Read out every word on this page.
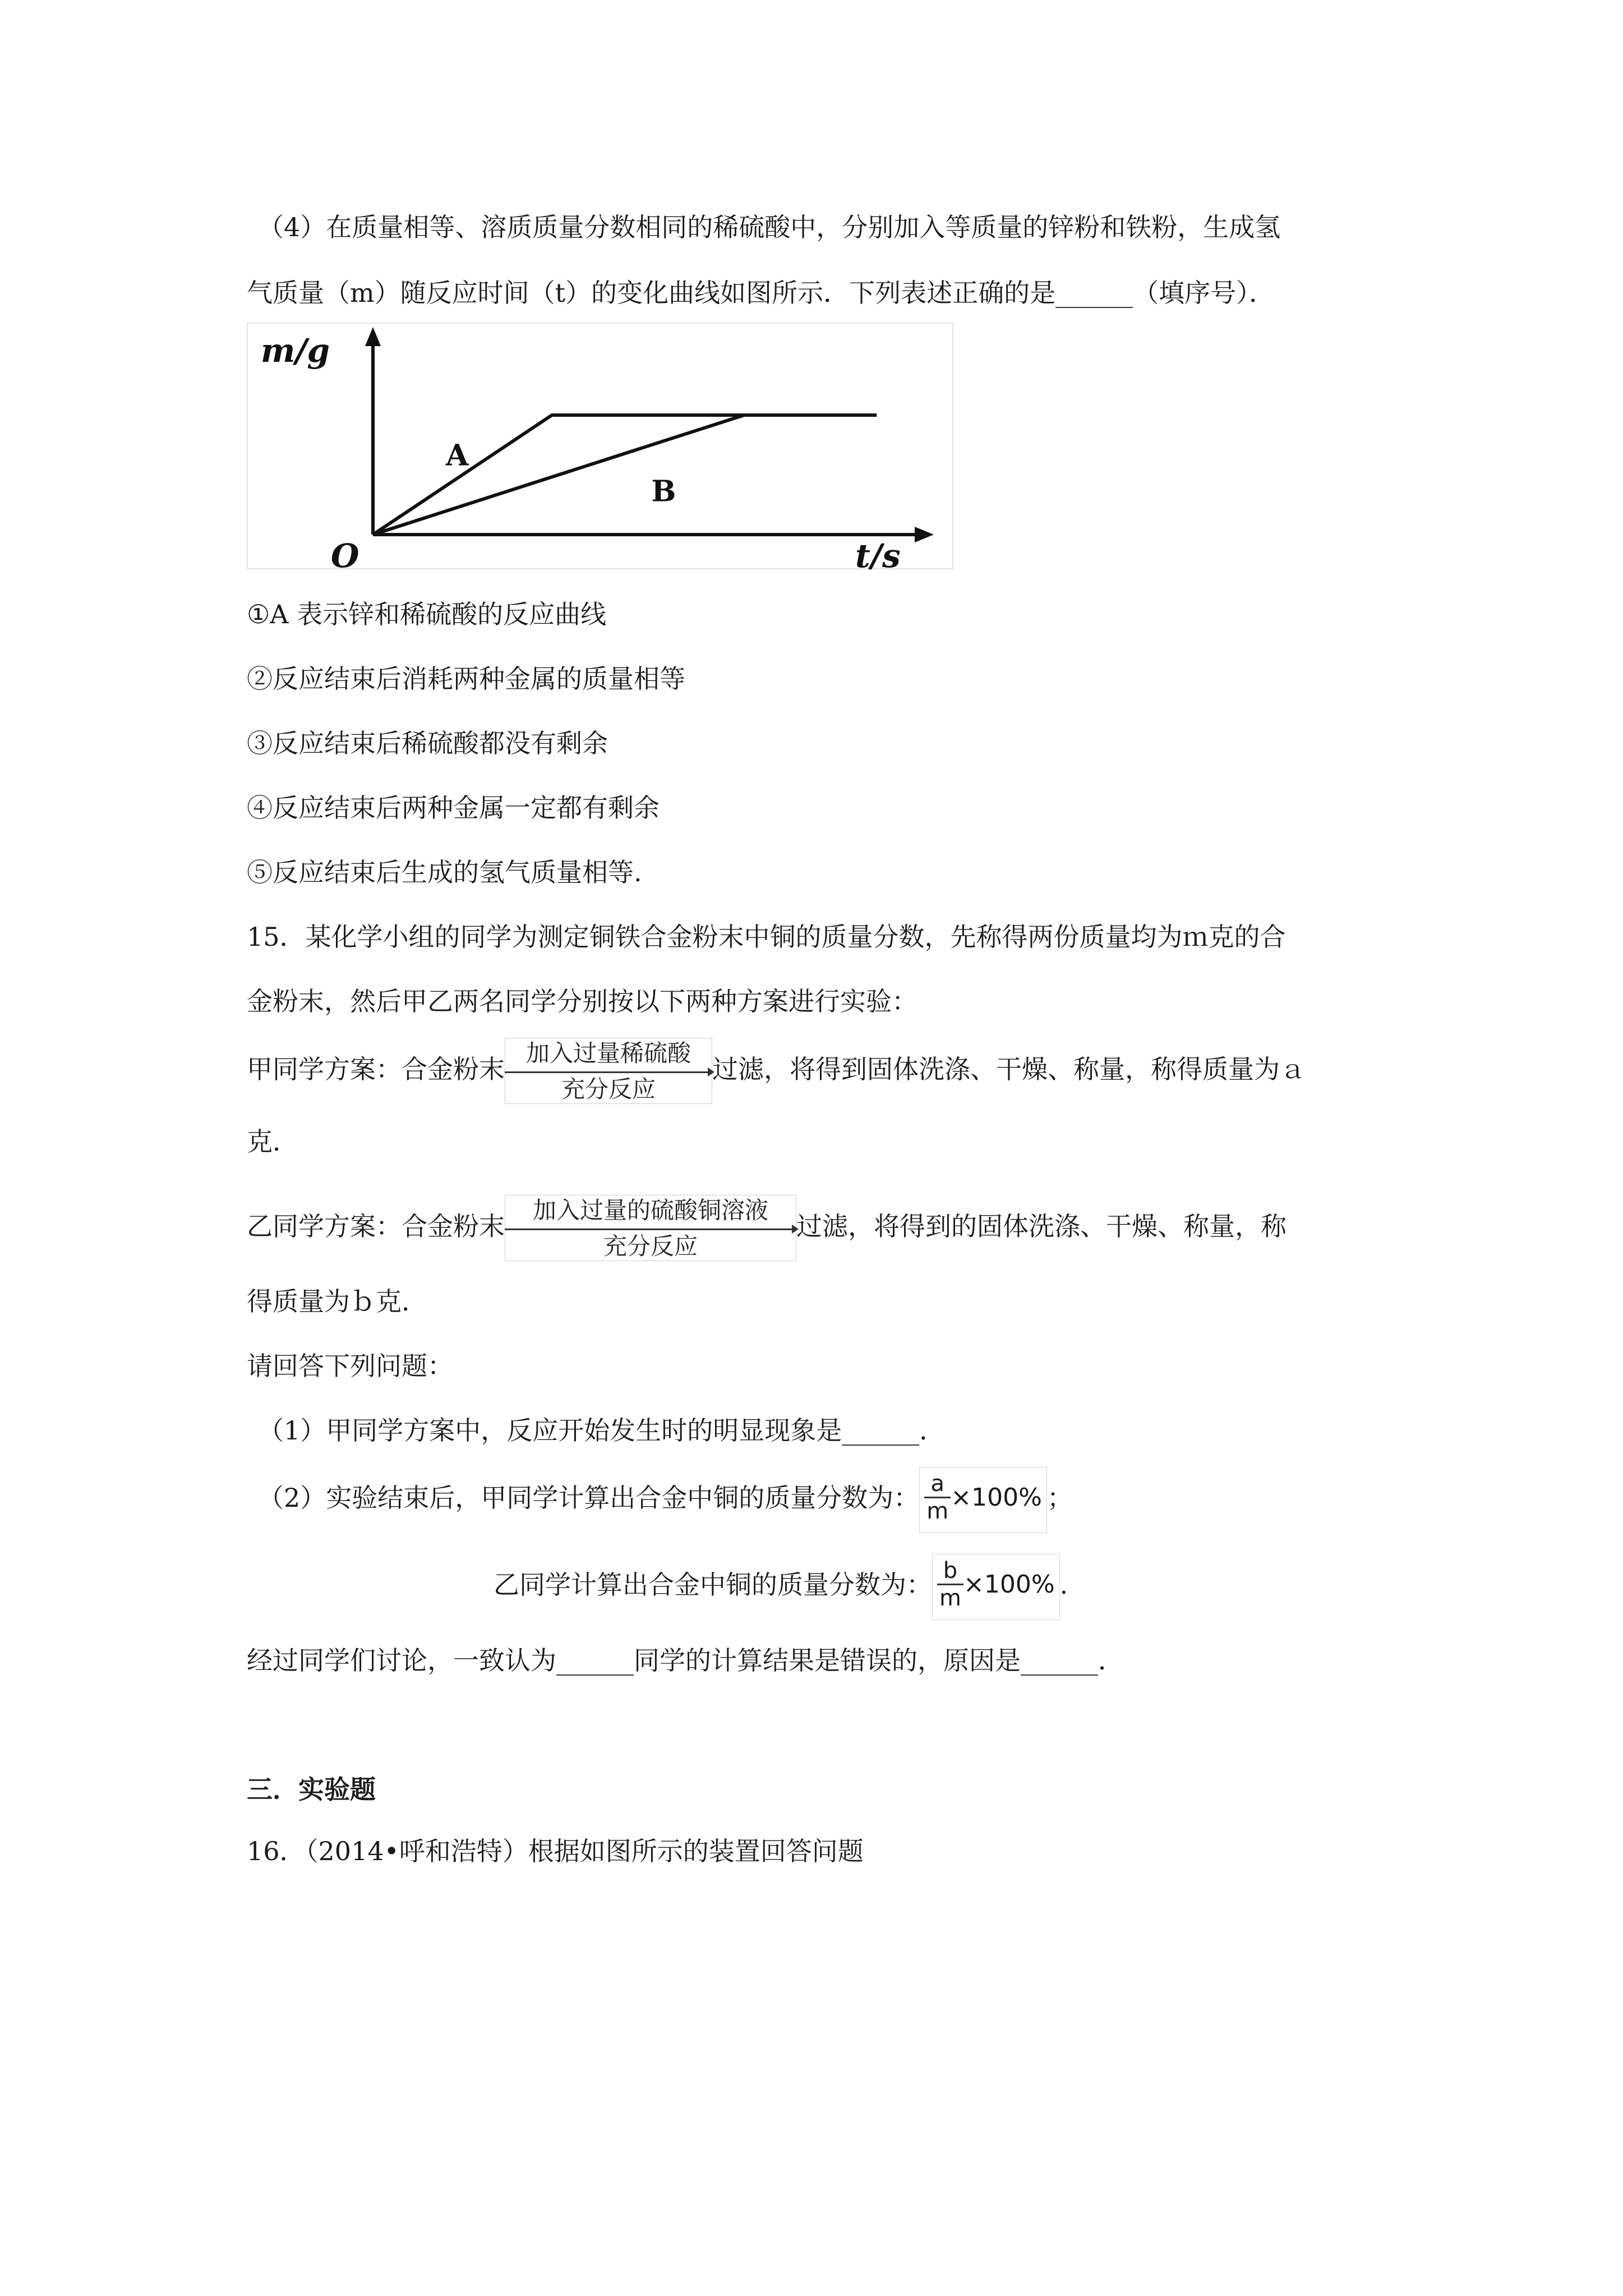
（4）在质量相等、溶质质量分数相同的稀硫酸中，分别加入等质量的锌粉和铁粉，生成氢
气质量（m）随反应时间（t）的变化曲线如图所示．下列表述正确的是______（填序号）．
A
B
m/g
t/s
O
①A 表示锌和稀硫酸的反应曲线
②反应结束后消耗两种金属的质量相等
③反应结束后稀硫酸都没有剩余
④反应结束后两种金属一定都有剩余
⑤反应结束后生成的氢气质量相等.
15．某化学小组的同学为测定铜铁合金粉末中铜的质量分数，先称得两份质量均为ｍ克的合
金粉末，然后甲乙两名同学分别按以下两种方案进行实验：
甲同学方案：合金粉末
加入过量稀硫酸
充分反应
过滤，将得到固体洗涤、干燥、称量，称得质量为ａ
克．
乙同学方案：合金粉末
加入过量的硫酸铜溶液
充分反应
过滤，将得到的固体洗涤、干燥、称量，称
得质量为ｂ克．
请回答下列问题：
（1）甲同学方案中，反应开始发生时的明显现象是______．
（2）实验结束后，甲同学计算出合金中铜的质量分数为： $\frac{a}{m} \times 100\%$ ；
乙同学计算出合金中铜的质量分数为： $\frac{b}{m} \times 100\%$ .
经过同学们讨论，一致认为______同学的计算结果是错误的，原因是______．
三．实验题
16．（2014•呼和浩特）根据如图所示的装置回答问题
